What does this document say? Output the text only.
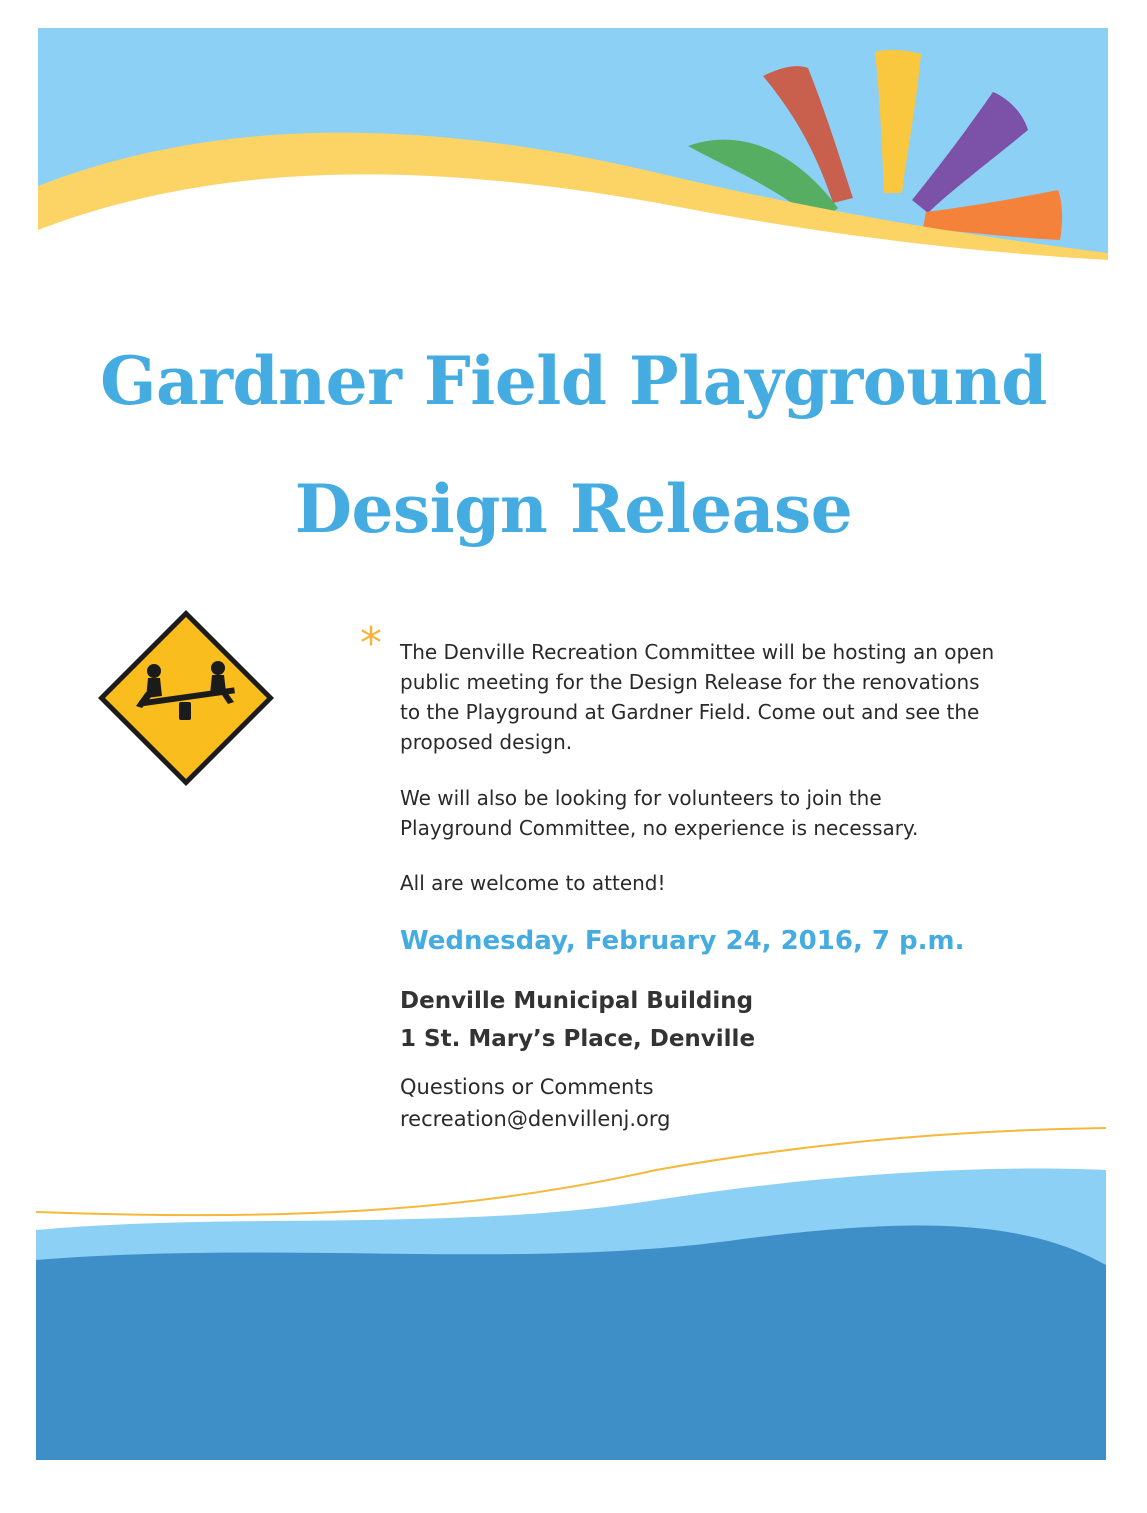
Gardner Field Playground
Design Release
* The Denville Recreation Committee will be hosting an open public meeting for the Design Release for the renovations to the Playground at Gardner Field. Come out and see the proposed design.

We will also be looking for volunteers to join the Playground Committee, no experience is necessary.

All are welcome to attend!

Wednesday, February 24, 2016, 7 p.m.

Denville Municipal Building

1 St. Mary’s Place, Denville

Questions or Comments

recreation@denvillenj.org
